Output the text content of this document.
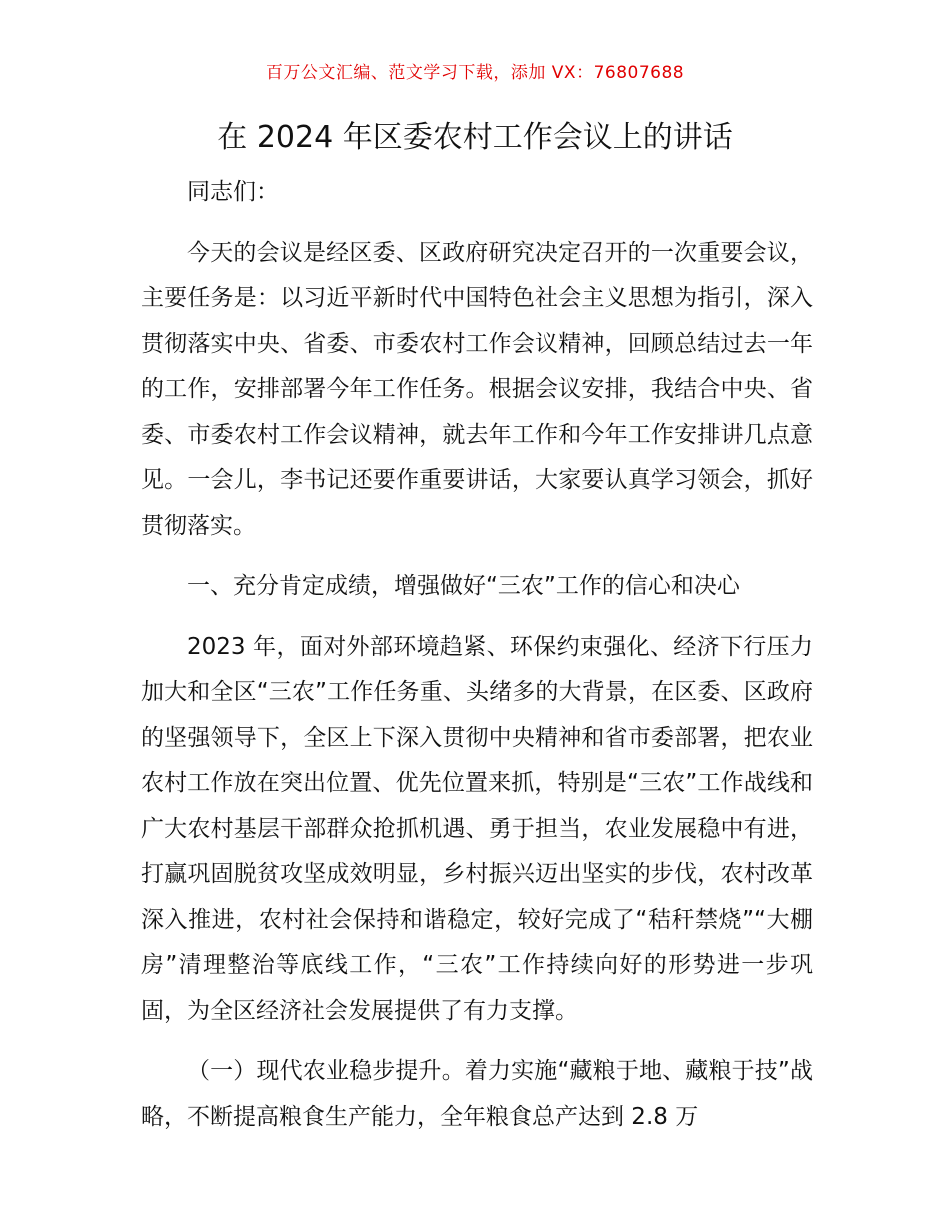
百万公文汇编、范文学习下载，添加 VX：76807688
在 2024 年区委农村工作会议上的讲话

同志们：

今天的会议是经区委、区政府研究决定召开的一次重要会议，主要任务是：以习近平新时代中国特色社会主义思想为指引，深入贯彻落实中央、省委、市委农村工作会议精神，回顾总结过去一年的工作，安排部署今年工作任务。根据会议安排，我结合中央、省委、市委农村工作会议精神，就去年工作和今年工作安排讲几点意见。一会儿，李书记还要作重要讲话，大家要认真学习领会，抓好贯彻落实。

一、充分肯定成绩，增强做好“三农”工作的信心和决心

2023 年，面对外部环境趋紧、环保约束强化、经济下行压力加大和全区“三农”工作任务重、头绪多的大背景，在区委、区政府的坚强领导下，全区上下深入贯彻中央精神和省市委部署，把农业农村工作放在突出位置、优先位置来抓，特别是“三农”工作战线和广大农村基层干部群众抢抓机遇、勇于担当，农业发展稳中有进，打赢巩固脱贫攻坚成效明显，乡村振兴迈出坚实的步伐，农村改革深入推进，农村社会保持和谐稳定，较好完成了“秸秆禁烧”“大棚房”清理整治等底线工作，“三农”工作持续向好的形势进一步巩固，为全区经济社会发展提供了有力支撑。

（一）现代农业稳步提升。着力实施“藏粮于地、藏粮于技”战略，不断提高粮食生产能力，全年粮食总产达到 2.8 万
